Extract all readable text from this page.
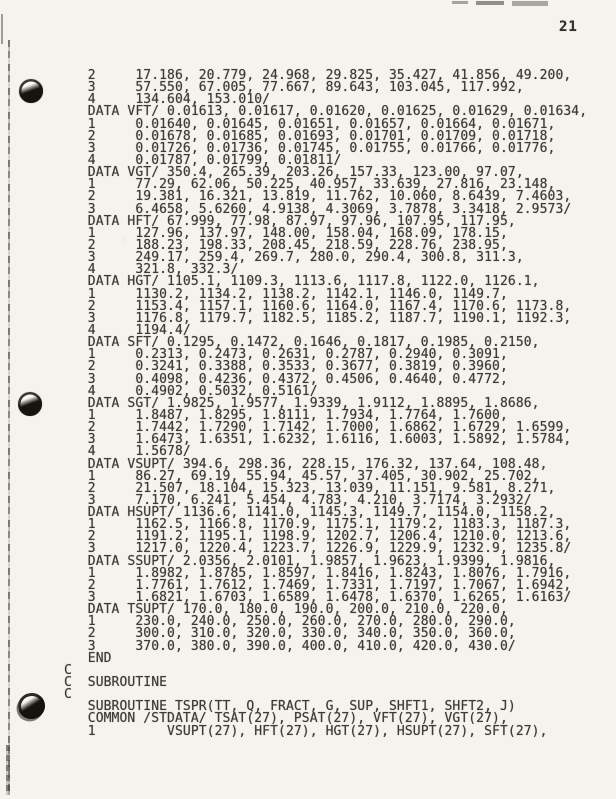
21
2     17.186, 20.779, 24.968, 29.825, 35.427, 41.856, 49.200,
3     57.550, 67.005, 77.667, 89.643, 103.045, 117.992,
4     134.604, 153.010/
DATA VFT/ 0.01613, 0.01617, 0.01620, 0.01625, 0.01629, 0.01634,
1     0.01640, 0.01645, 0.01651, 0.01657, 0.01664, 0.01671,
2     0.01678, 0.01685, 0.01693, 0.01701, 0.01709, 0.01718,
3     0.01726, 0.01736, 0.01745, 0.01755, 0.01766, 0.01776,
4     0.01787, 0.01799, 0.01811/
DATA VGT/ 350.4, 265.39, 203.26, 157.33, 123.00, 97.07,
1     77.29, 62.06, 50.225, 40.957, 33.639, 27.816, 23.148,
2     19.381, 16.321, 13.819, 11.762, 10.060, 8.6439, 7.4603,
3     6.4658, 5.6260, 4.9138, 4.3069, 3.7878, 3.3418, 2.9573/
DATA HFT/ 67.999, 77.98, 87.97, 97.96, 107.95, 117.95,
1     127.96, 137.97, 148.00, 158.04, 168.09, 178.15,
2     188.23, 198.33, 208.45, 218.59, 228.76, 238.95,
3     249.17, 259.4, 269.7, 280.0, 290.4, 300.8, 311.3,
4     321.8, 332.3/
DATA HGT/ 1105.1, 1109.3, 1113.6, 1117.8, 1122.0, 1126.1,
1     1130.2, 1134.2, 1138.2, 1142.1, 1146.0, 1149.7,
2     1153.4, 1157.1, 1160.6, 1164.0, 1167.4, 1170.6, 1173.8,
3     1176.8, 1179.7, 1182.5, 1185.2, 1187.7, 1190.1, 1192.3,
4     1194.4/
DATA SFT/ 0.1295, 0.1472, 0.1646, 0.1817, 0.1985, 0.2150,
1     0.2313, 0.2473, 0.2631, 0.2787, 0.2940, 0.3091,
2     0.3241, 0.3388, 0.3533, 0.3677, 0.3819, 0.3960,
3     0.4098, 0.4236, 0.4372, 0.4506, 0.4640, 0.4772,
4     0.4902, 0.5032, 0.5161/
DATA SGT/ 1.9825, 1.9577, 1.9339, 1.9112, 1.8895, 1.8686,
1     1.8487, 1.8295, 1.8111, 1.7934, 1.7764, 1.7600,
2     1.7442, 1.7290, 1.7142, 1.7000, 1.6862, 1.6729, 1.6599,
3     1.6473, 1.6351, 1.6232, 1.6116, 1.6003, 1.5892, 1.5784,
4     1.5678/
DATA VSUPT/ 394.6, 298.36, 228.15, 176.32, 137.64, 108.48,
1     86.27, 69.19, 55.94, 45.57, 37.405, 30.902, 25.702,
2     21.507, 18.104, 15.323, 13.039, 11.151, 9.581, 8.271,
3     7.170, 6.241, 5.454, 4.783, 4.210, 3.7174, 3.2932/
DATA HSUPT/ 1136.6, 1141.0, 1145.3, 1149.7, 1154.0, 1158.2,
1     1162.5, 1166.8, 1170.9, 1175.1, 1179.2, 1183.3, 1187.3,
2     1191.2, 1195.1, 1198.9, 1202.7, 1206.4, 1210.0, 1213.6,
3     1217.0, 1220.4, 1223.7, 1226.9, 1229.9, 1232.9, 1235.8/
DATA SSUPT/ 2.0356, 2.0101, 1.9857, 1.9623, 1.9399, 1.9816,
1     1.8982, 1.8785, 1.8597, 1.8416, 1.8243, 1.8076, 1.7916,
2     1.7761, 1.7612, 1.7469, 1.7331, 1.7197, 1.7067, 1.6942,
3     1.6821, 1.6703, 1.6589, 1.6478, 1.6370, 1.6265, 1.6163/
DATA TSUPT/ 170.0, 180.0, 190.0, 200.0, 210.0, 220.0,
1     230.0, 240.0, 250.0, 260.0, 270.0, 280.0, 290.0,
2     300.0, 310.0, 320.0, 330.0, 340.0, 350.0, 360.0,
3     370.0, 380.0, 390.0, 400.0, 410.0, 420.0, 430.0/
END
C
C  SUBROUTINE
C
SUBROUTINE TSPR(TT, Q, FRACT, G, SUP, SHFT1, SHFT2, J)
COMMON /STDATA/ TSAT(27), PSAT(27), VFT(27), VGT(27),
1         VSUPT(27), HFT(27), HGT(27), HSUPT(27), SFT(27),
